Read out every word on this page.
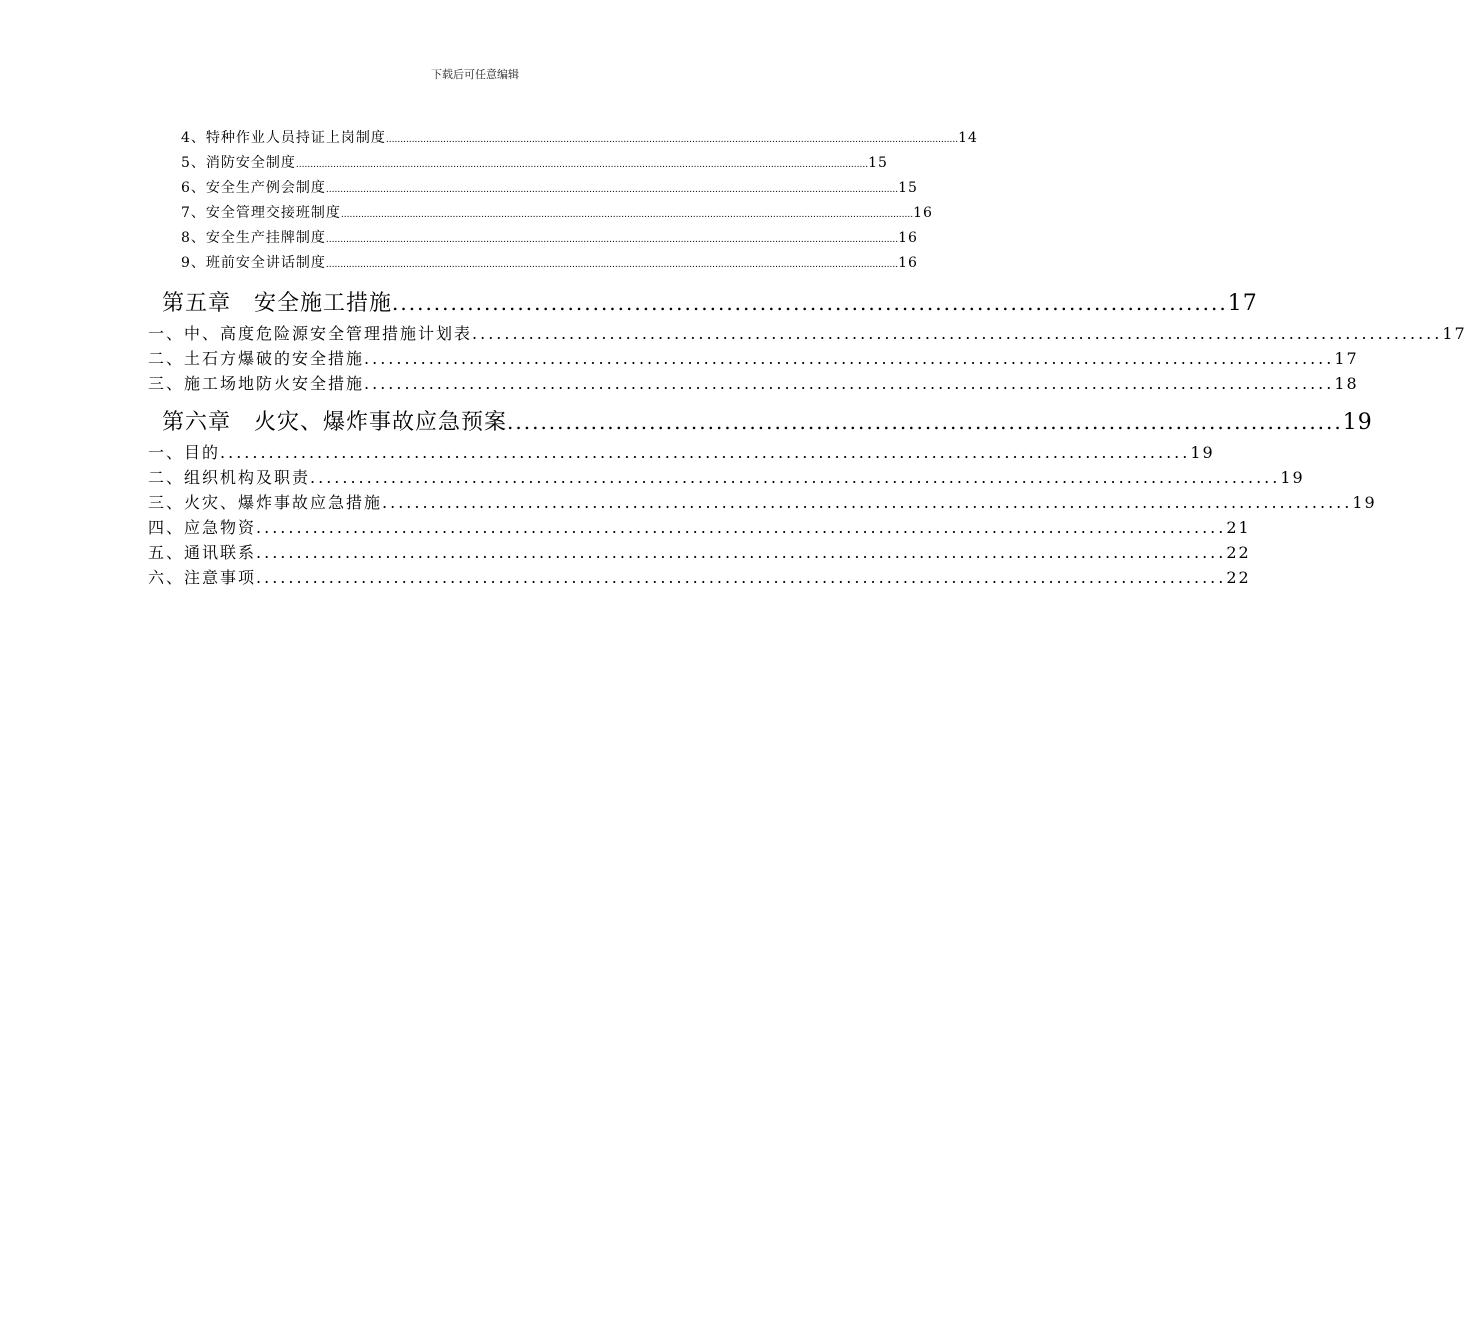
下载后可任意编辑
4、特种作业人员持证上岗制度 ........................................................................................................................................................................................................ 14
5、消防安全制度 ........................................................................................................................................................................................................ 15
6、安全生产例会制度 ........................................................................................................................................................................................................ 15
7、安全管理交接班制度 ........................................................................................................................................................................................................ 16
8、安全生产挂牌制度 ........................................................................................................................................................................................................ 16
9、班前安全讲话制度 ........................................................................................................................................................................................................ 16
第五章　安全施工措施 .................................................................................................... 17
一、中、高度危险源安全管理措施计划表 ........................................................................................................................ 17
二、土石方爆破的安全措施 ........................................................................................................................ 17
三、施工场地防火安全措施 ........................................................................................................................ 18
第六章　火灾、爆炸事故应急预案 .................................................................................................... 19
一、目的 ........................................................................................................................ 19
二、组织机构及职责 ........................................................................................................................ 19
三、火灾、爆炸事故应急措施 ........................................................................................................................ 19
四、应急物资 ........................................................................................................................ 21
五、通讯联系 ........................................................................................................................ 22
六、注意事项 ........................................................................................................................ 22
